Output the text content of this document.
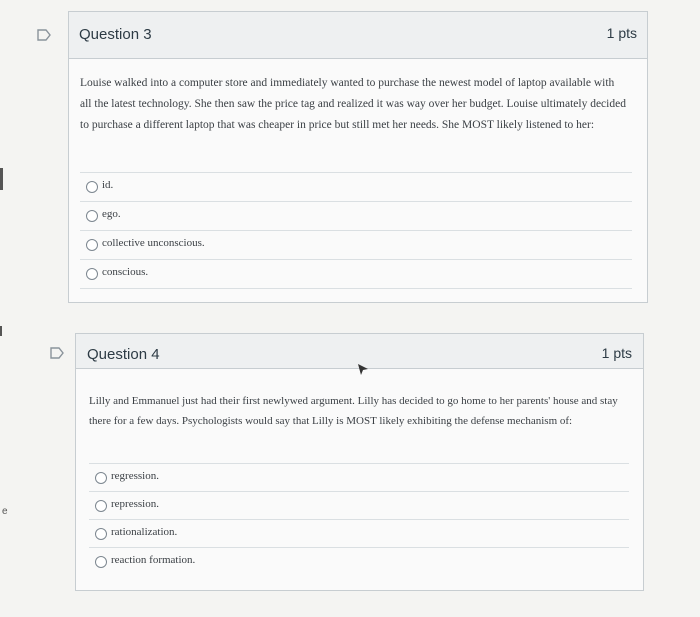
e
Question 3	1 pts
Louise walked into a computer store and immediately wanted to purchase the newest model of laptop available with all the latest technology. She then saw the price tag and realized it was way over her budget. Louise ultimately decided to purchase a different laptop that was cheaper in price but still met her needs. She MOST likely listened to her:
id.
ego.
collective unconscious.
conscious.
Question 4	1 pts
Lilly and Emmanuel just had their first newlywed argument. Lilly has decided to go home to her parents' house and stay there for a few days. Psychologists would say that Lilly is MOST likely exhibiting the defense mechanism of:
regression.
repression.
rationalization.
reaction formation.
